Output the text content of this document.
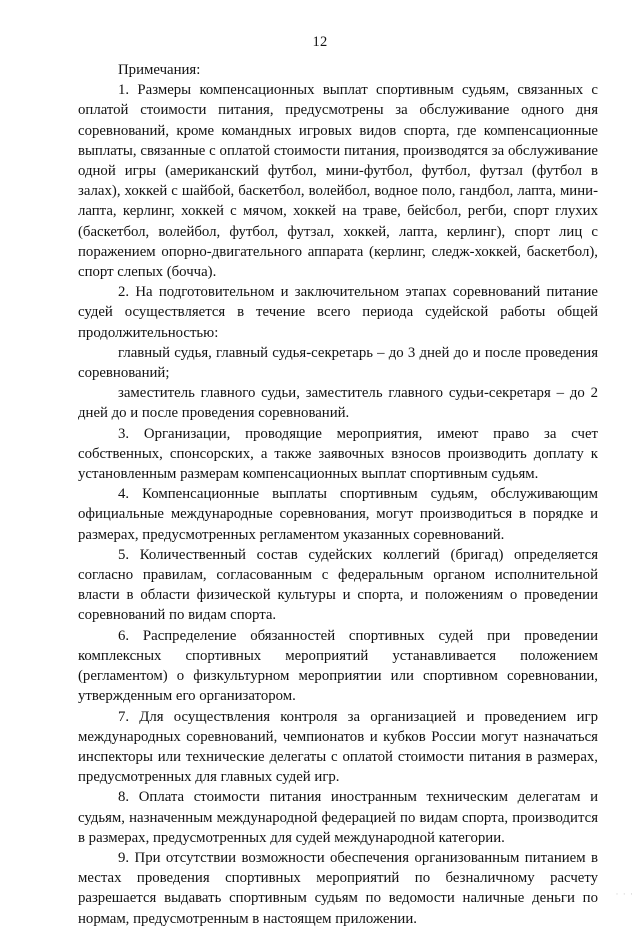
12

Примечания:

1. Размеры компенсационных выплат спортивным судьям, связанных с оплатой стоимости питания, предусмотрены за обслуживание одного дня соревнований, кроме командных игровых видов спорта, где компенсационные выплаты, связанные с оплатой стоимости питания, производятся за обслуживание одной игры (американский футбол, мини-футбол, футбол, футзал (футбол в залах), хоккей с шайбой, баскетбол, волейбол, водное поло, гандбол, лапта, мини-лапта, керлинг, хоккей с мячом, хоккей на траве, бейсбол, регби, спорт глухих (баскетбол, волейбол, футбол, футзал, хоккей, лапта, керлинг), спорт лиц с поражением опорно-двигательного аппарата (керлинг, следж-хоккей, баскетбол), спорт слепых (бочча).

2. На подготовительном и заключительном этапах соревнований питание судей осуществляется в течение всего периода судейской работы общей продолжительностью:

главный судья, главный судья-секретарь – до 3 дней до и после проведения соревнований;

заместитель главного судьи, заместитель главного судьи-секретаря – до 2 дней до и после проведения соревнований.

3. Организации, проводящие мероприятия, имеют право за счет собственных, спонсорских, а также заявочных взносов производить доплату к установленным размерам компенсационных выплат спортивным судьям.

4. Компенсационные выплаты спортивным судьям, обслуживающим официальные международные соревнования, могут производиться в порядке и размерах, предусмотренных регламентом указанных соревнований.

5. Количественный состав судейских коллегий (бригад) определяется согласно правилам, согласованным с федеральным органом исполнительной власти в области физической культуры и спорта, и положениям о проведении соревнований по видам спорта.

6. Распределение обязанностей спортивных судей при проведении комплексных спортивных мероприятий устанавливается положением (регламентом) о физкультурном мероприятии или спортивном соревновании, утвержденным его организатором.

7. Для осуществления контроля за организацией и проведением игр международных соревнований, чемпионатов и кубков России могут назначаться инспекторы или технические делегаты с оплатой стоимости питания в размерах, предусмотренных для главных судей игр.

8. Оплата стоимости питания иностранным техническим делегатам и судьям, назначенным международной федерацией по видам спорта, производится в размерах, предусмотренных для судей международной категории.

9. При отсутствии возможности обеспечения организованным питанием в местах проведения спортивных мероприятий по безналичному расчету разрешается выдавать спортивным судьям по ведомости наличные деньги по нормам, предусмотренным в настоящем приложении.

· · ·
